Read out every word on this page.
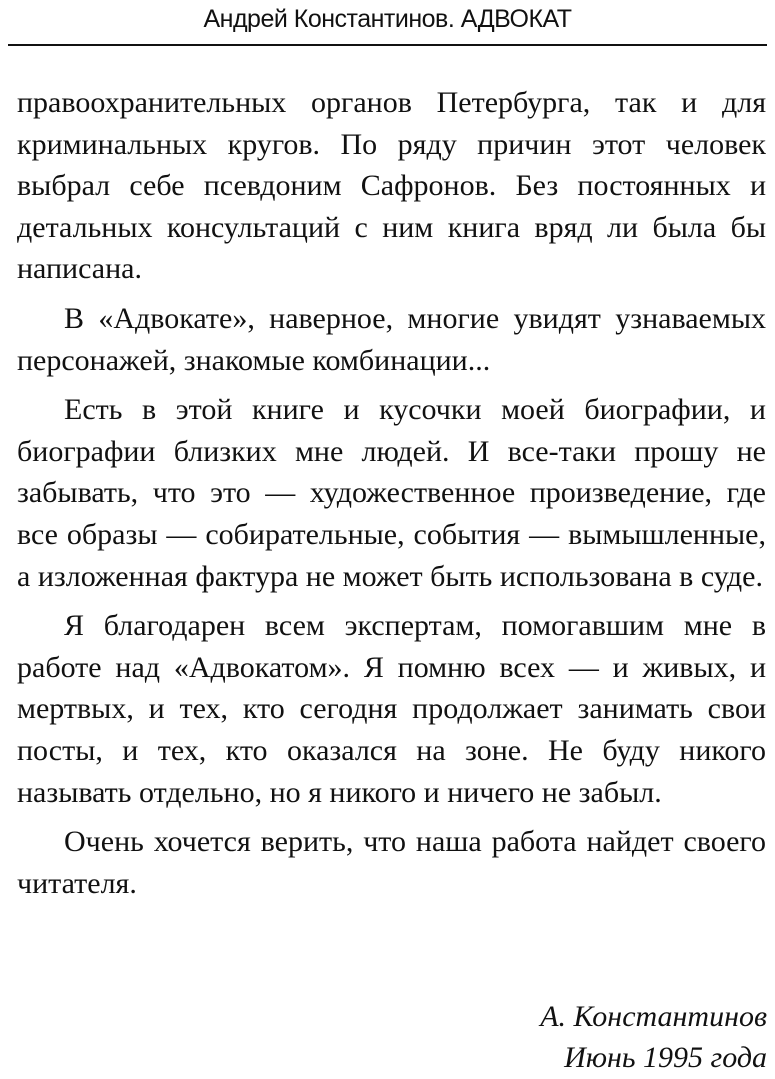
Андрей Константинов. АДВОКАТ

правоохранительных органов Петербурга, так и для криминальных кругов. По ряду причин этот человек выбрал себе псевдоним Сафронов. Без постоянных и детальных консультаций с ним книга вряд ли была бы написана.

В «Адвокате», наверное, многие увидят узнаваемых персонажей, знакомые комбинации...

Есть в этой книге и кусочки моей биографии, и биографии близких мне людей. И все-таки прошу не забывать, что это — художественное произведение, где все образы — собирательные, события — вымышленные, а изложенная фактура не может быть использована в суде.

Я благодарен всем экспертам, помогавшим мне в работе над «Адвокатом». Я помню всех — и живых, и мертвых, и тех, кто сегодня продолжает занимать свои посты, и тех, кто оказался на зоне. Не буду никого называть отдельно, но я никого и ничего не забыл.

Очень хочется верить, что наша работа найдет своего читателя.

А. Константинов
Июнь 1995 года
